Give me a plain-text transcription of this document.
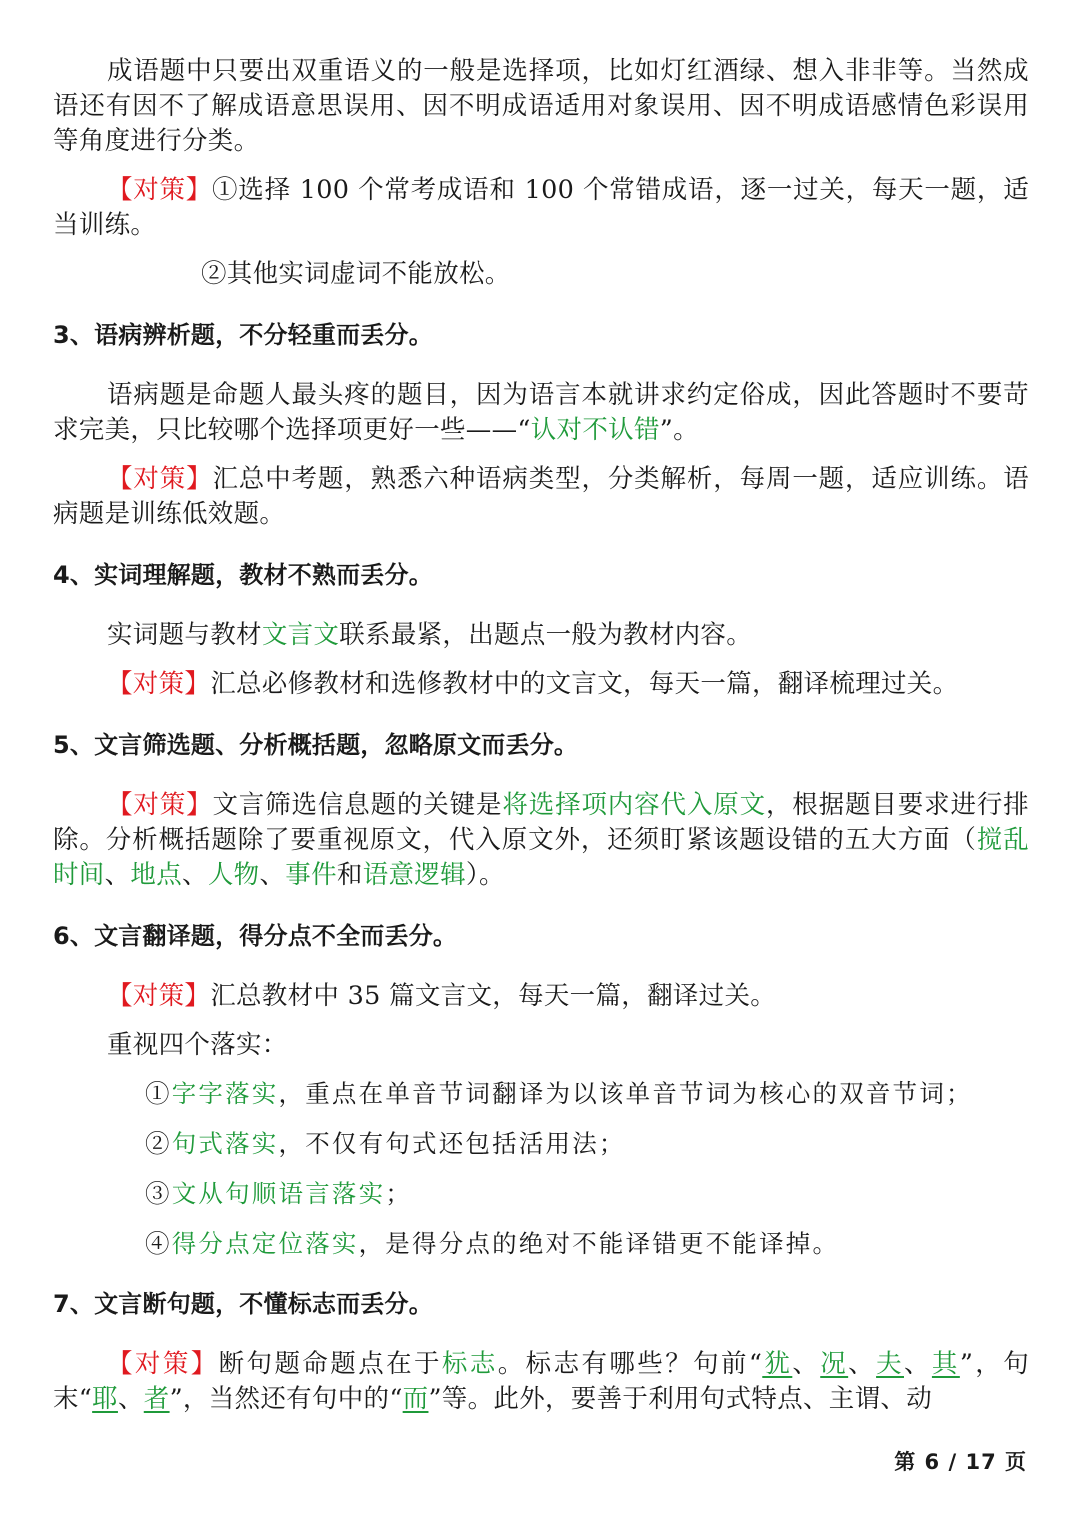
成语题中只要出双重语义的一般是选择项，比如灯红酒绿、想入非非等。当然成语还有因不了解成语意思误用、因不明成语适用对象误用、因不明成语感情色彩误用等角度进行分类。

【对策】①选择 100 个常考成语和 100 个常错成语，逐一过关，每天一题，适当训练。

②其他实词虚词不能放松。

3、语病辨析题，不分轻重而丢分。

语病题是命题人最头疼的题目，因为语言本就讲求约定俗成，因此答题时不要苛求完美，只比较哪个选择项更好一些——“认对不认错”。

【对策】汇总中考题，熟悉六种语病类型，分类解析，每周一题，适应训练。语病题是训练低效题。

4、实词理解题，教材不熟而丢分。

实词题与教材文言文联系最紧，出题点一般为教材内容。

【对策】汇总必修教材和选修教材中的文言文，每天一篇，翻译梳理过关。

5、文言筛选题、分析概括题，忽略原文而丢分。

【对策】文言筛选信息题的关键是将选择项内容代入原文，根据题目要求进行排除。分析概括题除了要重视原文，代入原文外，还须盯紧该题设错的五大方面（搅乱时间、地点、人物、事件和语意逻辑）。

6、文言翻译题，得分点不全而丢分。

【对策】汇总教材中 35 篇文言文，每天一篇，翻译过关。

重视四个落实：

①字字落实，重点在单音节词翻译为以该单音节词为核心的双音节词；

②句式落实，不仅有句式还包括活用法；

③文从句顺语言落实；

④得分点定位落实，是得分点的绝对不能译错更不能译掉。

7、文言断句题，不懂标志而丢分。

【对策】断句题命题点在于标志。标志有哪些？句前“犹、况、夫、其”，句末“耶、者”，当然还有句中的“而”等。此外，要善于利用句式特点、主谓、动

第 6 / 17 页
